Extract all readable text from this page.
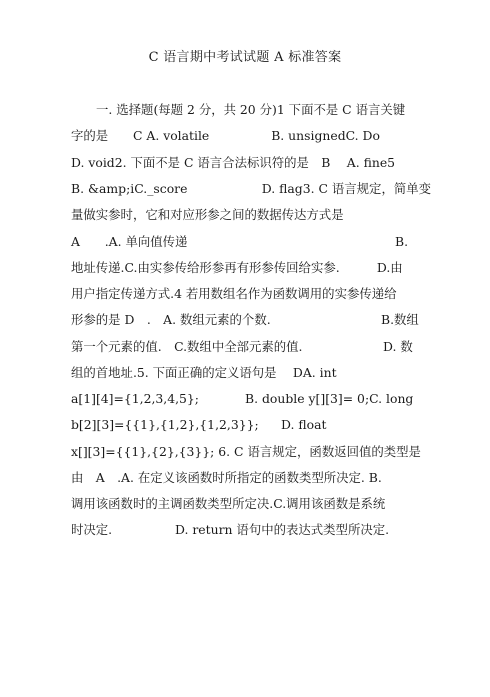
C 语言期中考试试题 A 标准答案
一. 选择题(每题 2 分，共 20 分)1 下面不是 C 语言关键
字的是　　C A. volatile　　　　　B. unsignedC. Do
D. void2. 下面不是 C 语言合法标识符的是　B　 A. fine5
B. &amp;iC._score　　　　　　D. flag3. C 语言规定，简单变
量做实参时，它和对应形参之间的数据传达方式是

A　　.A. 单向值传递

	B.

地址传递.C.由实参传给形参再有形参传回给实参.　　　D.由
用户指定传递方式.4 若用数组名作为函数调用的实参传递给

形参的是 D　.　A. 数组元素的个数.

	B.数组

第一个元素的值.　C.数组中全部元素的值.

	D. 数

组的首地址.5. 下面正确的定义语句是　 DA. int

a[1][4]={1,2,3,4,5};

	B. double y[][3]= 0;C. long

b[2][3]={{1},{1,2},{1,2,3}};

D. float

x[][3]={{1},{2},{3}}; 6. C 语言规定，函数返回值的类型是
由　A　.A. 在定义该函数时所指定的函数类型所决定. B.
调用该函数时的主调函数类型所定决.C.调用该函数是系统

时决定.

	D. return 语句中的表达式类型所决定.
